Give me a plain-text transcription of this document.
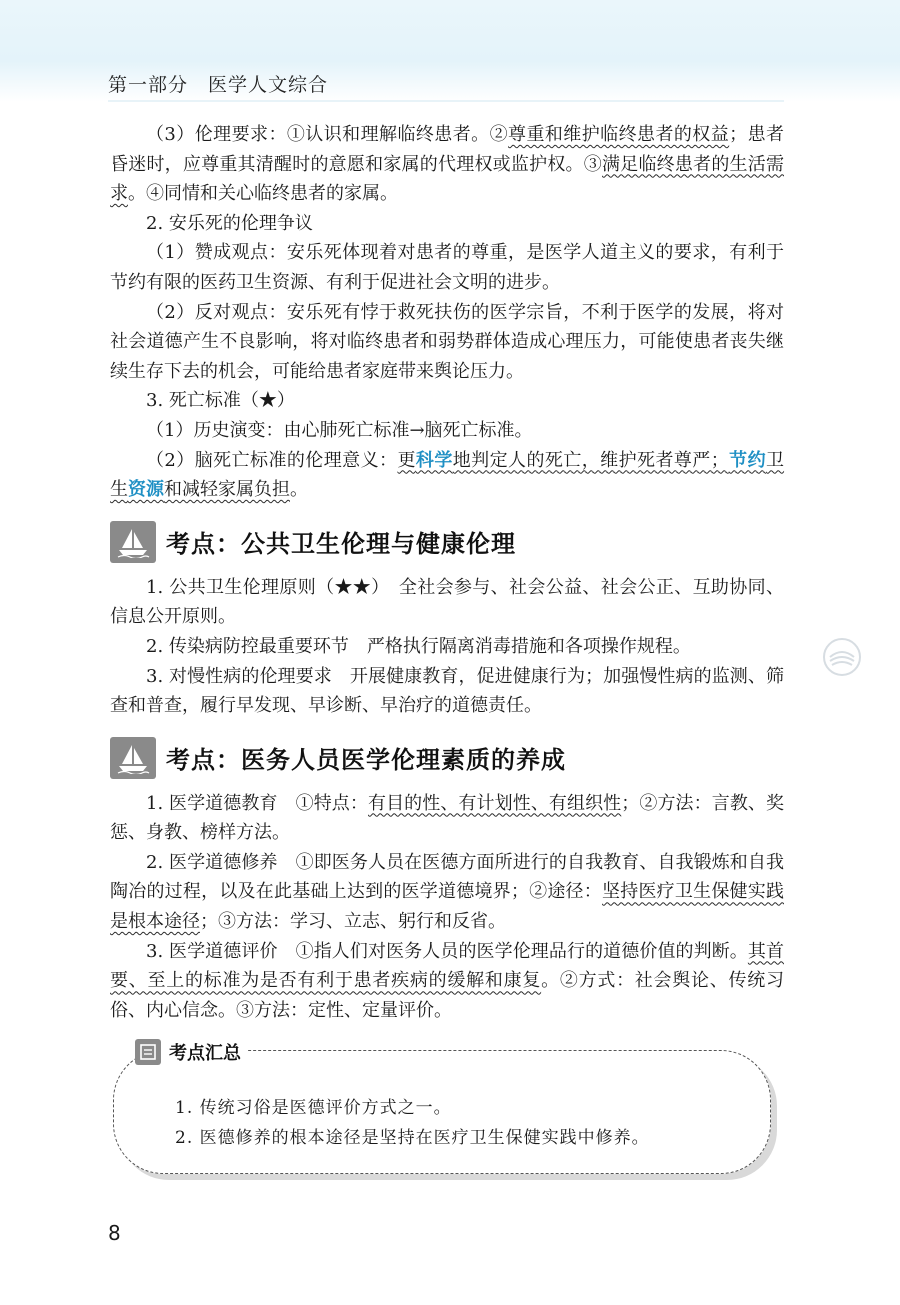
第一部分　医学人文综合

（3）伦理要求：①认识和理解临终患者。②尊重和维护临终患者的权益；患者昏迷时，应尊重其清醒时的意愿和家属的代理权或监护权。③满足临终患者的生活需求。④同情和关心临终患者的家属。

2. 安乐死的伦理争议

（1）赞成观点：安乐死体现着对患者的尊重，是医学人道主义的要求，有利于节约有限的医药卫生资源、有利于促进社会文明的进步。

（2）反对观点：安乐死有悖于救死扶伤的医学宗旨，不利于医学的发展，将对社会道德产生不良影响，将对临终患者和弱势群体造成心理压力，可能使患者丧失继续生存下去的机会，可能给患者家庭带来舆论压力。

3. 死亡标准（★）

（1）历史演变：由心肺死亡标准→脑死亡标准。

（2）脑死亡标准的伦理意义：更科学地判定人的死亡，维护死者尊严；节约卫生资源和减轻家属负担。

考点：公共卫生伦理与健康伦理

1. 公共卫生伦理原则（★★）　全社会参与、社会公益、社会公正、互助协同、信息公开原则。

2. 传染病防控最重要环节　严格执行隔离消毒措施和各项操作规程。

3. 对慢性病的伦理要求　开展健康教育，促进健康行为；加强慢性病的监测、筛查和普查，履行早发现、早诊断、早治疗的道德责任。

考点：医务人员医学伦理素质的养成

1. 医学道德教育　①特点：有目的性、有计划性、有组织性；②方法：言教、奖惩、身教、榜样方法。

2. 医学道德修养　①即医务人员在医德方面所进行的自我教育、自我锻炼和自我陶冶的过程，以及在此基础上达到的医学道德境界；②途径：坚持医疗卫生保健实践是根本途径；③方法：学习、立志、躬行和反省。

3. 医学道德评价　①指人们对医务人员的医学伦理品行的道德价值的判断。其首要、至上的标准为是否有利于患者疾病的缓解和康复。②方式：社会舆论、传统习俗、内心信念。③方法：定性、定量评价。

考点汇总
1. 传统习俗是医德评价方式之一。
2. 医德修养的根本途径是坚持在医疗卫生保健实践中修养。
8
